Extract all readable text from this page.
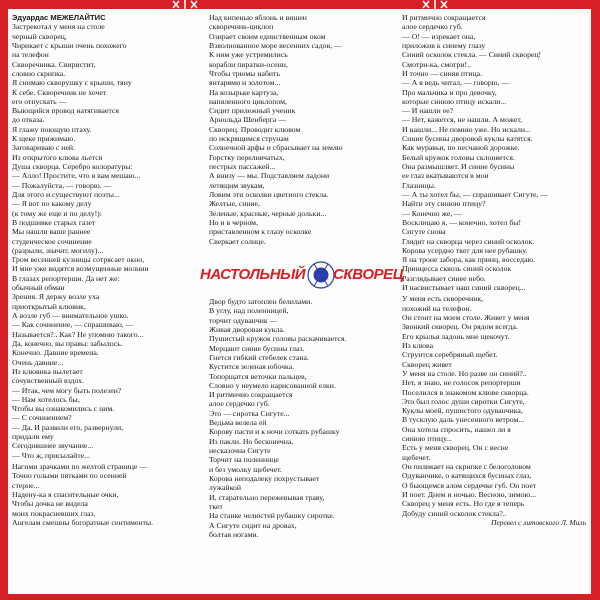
Эдуардас МЕЖЕЛАЙТИС
Застрекотал у меня на столе
черный скворец,
Чирикает с крыши очень похожего
на телефон
Скворечника. Свиристит,
словно скрипка.
Я снимаю скворушку с крыши, тяну
К себе. Скворечник не хочет
его отпускать —
Выющийся провод натягивается
до отказа.
Я глажу поющую птаху.
К щеке прижимаю.
Заговариваю с ней.
Из открытого клюва льется
Душа скворца. Серебро колоратуры:
— Алло! Простите, что я вам мешаю...
— Пожалуйста, — говорю. —
Для этого и существуют поэты...
— Я вот по какому делу
(к тому же еще и по делу!):
В подшивке старых газет
Мы нашли ваше раннее
студенческое сочинение
(разрыли, значит, могилу)...
Гром весенней кузницы сотрясает окно,
И мне уже видятся возмущенные молнии
В глазах репортерши. Да нет же:
обычный обман
Зрения. Я держу возле уха
приоткрытый клювик,
А возле губ — внимательное ушко.
— Как сочинение, — спрашиваю, —
Называется?.. Как? Не упомню такого...
Да, конечно, вы правы: забылось.
Конечно. Давние времена.
Очень давние...
Из клювика вылетает
сочувственный вздох.
— Итак, чем могу быть полезен?
— Нам хотелось бы,
Чтобы вы ознакомились с ним.
— С сочинением?
— Да. И развили его, развернули,
придали ему
Сегодняшнее звучание...
— Что ж, присылайте...
Нагими зрачками по желтой странице —
Точно голыми пятками по осенней
стерне...
Надену-ка я спасительные очки,
Чтобы дочка не видела
моих покрасневших глаз.
Ангелам смешны богоратные сентименты.
Над кипенью яблонь и вишен
скворечник-циклоп
Озирает своим единственным оком
Взволнованное море весенних садов, —
К ним уже устремились
корабли пиратки-осени,
Чтобы трюмы набить
янтарями и золотом...
На козырьке картуза,
напяленного циклопом,
Сидит прилежный ученик
Арнольда Шенберга —
Скворец. Проводит клювом
по искрящимся струнам
Солнечной арфы и сбрасывает на землю
Горстку переливчатых,
пестрых пассажей...
А внизу — мы. Подставляем ладони
летящим звукам,
Ловим эти осколки цветного стекла.
Желтые, синие,
Зеленые, красные, черные дольки...
Но и в черном,
приставленном к глазу осколке
Сверкает солнце.
Двор будто затоплен белилами.
В углу, над поленницей,
торчит одуванчик —
Живая дворовая кукла.
Пушистый кружок головы раскачивается.
Мерцают синие бусины глаз.
Гнется гибкий стебелек стана.
Кустится зеленая юбочка.
Топорщатся веточки пальцев,
Словно у неумело нарисованной елки.
И ритмично сокращается
алое сердечко губ.
Это — сиротка Сигуте...
Ведьма велела ей
Корову пасти и к ночи соткать рубашку
Из пакли. Но бесконечна,
несказочна Сигуте
Торчит на поленнице
и без умолку щебечет.
Корова неподалеку похрустывает
лужайкой
И, старательно пережевывая траву,
ткет
На станке челюстей рубашку сиротке.
А Сигуте сидит на дровах,
болтая ногами.
И ритмично сокращается
алое сердечко губ.
— О! — изрекает она,
приложив к синему глазу
Синий осколок стекла. — Синий скворец!
Смотри-ка, смотри!..
И точно — синяя птица.
— А я ведь читал, — говорю, —
Про мальчика и про девочку,
которые синюю птицу искали...
— И нашли ее?
— Нет, кажется, не нашли. А может,
И нашли... Не помню уже. Но искали...
Синие бусины дворовой куклы катятся.
Как муравьи, по песчаной дорожке.
Белый кружок головы склоняется.
Она размышляет. И синие бусины
ее глаз вкатываются в мои
Глазницы.
— А ты хотел бы, — спрашивает Сигуте, —
Найти эту синюю птицу?
— Конечно же, —
Восклицаю я, — конечно, хотел бы!
Сигуте снова
Глядит на скворца через синий осколок.
Корова усердно ткет для нее рубашку.
Я на троне забора, как принц, восседаю.
Принцесса сквозь синий осколок
Разглядывает синее небо.
И насвистывает наш синий скворец...
У меня есть скворечник,
похожий на телефон.
Он стоит на моем столе. Живет у меня
Звонкий скворец. Он рядом всегда.
Его крылья ладонь мне щекочут.
Из клюва
Струится серебряный щебет.
Скворец живет
У меня на столе. Но разве он синий?..
Нет, я знаю, не голосок репортерши
Поселился в знакомом клюве скворца.
Это был голос души сиротки Сигуте,
Куклы моей, пушистого одуванчика,
В тусклую даль унесенного ветром...
Она хотела спросить, нашел ли я
синюю птицу...
Есть у меня скворец. Он с весне
щебечет.
Он пиликает на скрипке с белоголовом
Одуванчике, о катящихся бусинах глаз,
О бьющемся алом сердечке губ. Он поет
И поет. Днем и ночью. Весною, зимою...
Скворец у меня есть. Но где я теперь
Добуду синий осколок стекла?..
Перевел с литовского Л. Миль
НАСТОЛЬНЫЙ СКВОРЕЦ
